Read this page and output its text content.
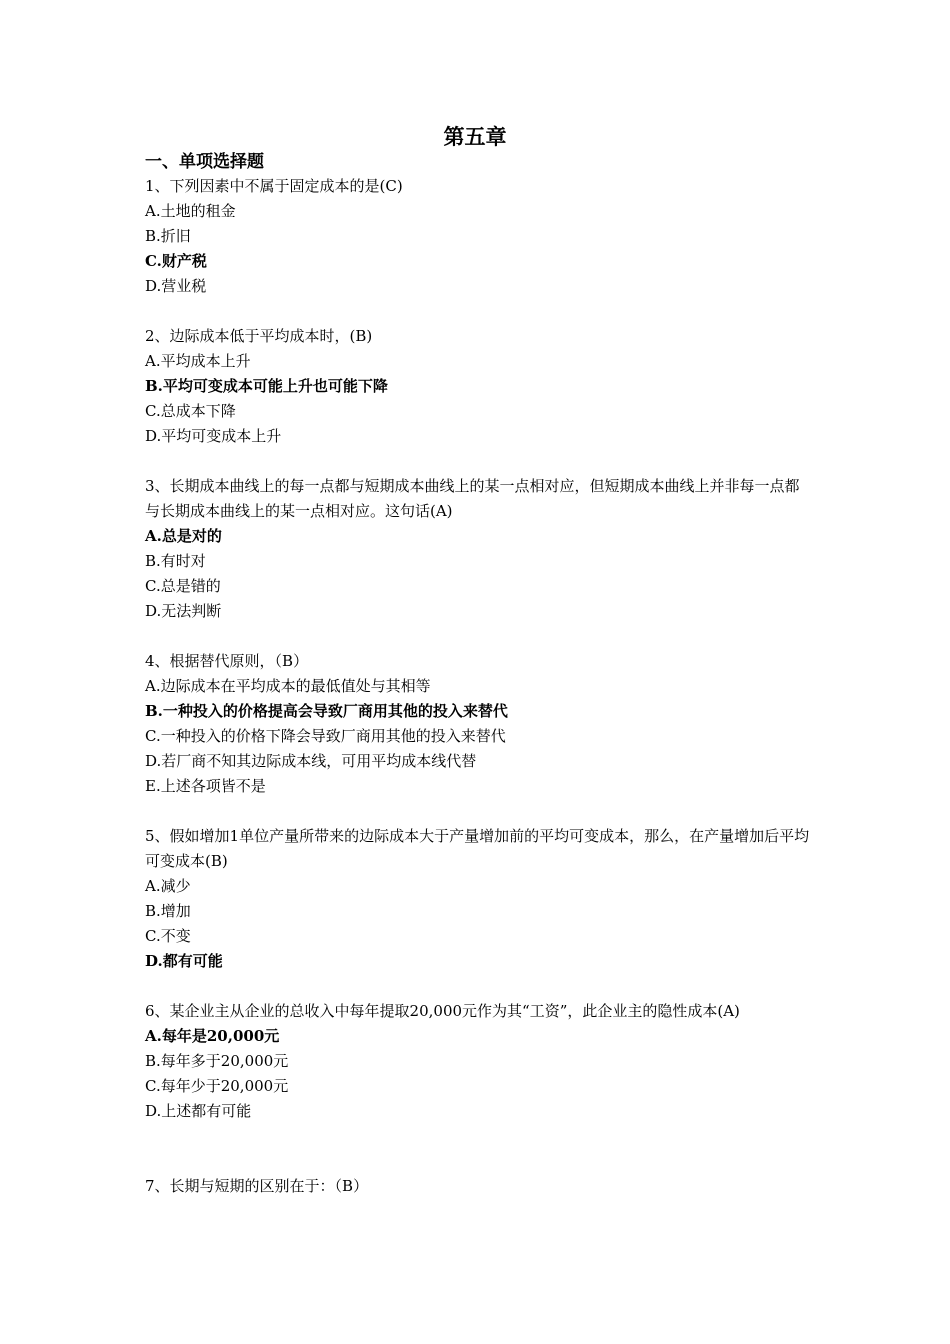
第五章
一、单项选择题

1、下列因素中不属于固定成本的是(C)

A.土地的租金

B.折旧

C.财产税

D.营业税

2、边际成本低于平均成本时，(B)

A.平均成本上升

B.平均可变成本可能上升也可能下降

C.总成本下降

D.平均可变成本上升

3、长期成本曲线上的每一点都与短期成本曲线上的某一点相对应，但短期成本曲线上并非每一点都与长期成本曲线上的某一点相对应。这句话(A)

A.总是对的

B.有时对

C.总是错的

D.无法判断

4、根据替代原则，（B）

A.边际成本在平均成本的最低值处与其相等

B.一种投入的价格提高会导致厂商用其他的投入来替代

C.一种投入的价格下降会导致厂商用其他的投入来替代

D.若厂商不知其边际成本线，可用平均成本线代替

E.上述各项皆不是

5、假如增加1单位产量所带来的边际成本大于产量增加前的平均可变成本，那么，在产量增加后平均可变成本(B)

A.减少

B.增加

C.不变

D.都有可能

6、某企业主从企业的总收入中每年提取20,000元作为其“工资”，此企业主的隐性成本(A)

A.每年是20,000元

B.每年多于20,000元

C.每年少于20,000元

D.上述都有可能

7、长期与短期的区别在于：（B）
